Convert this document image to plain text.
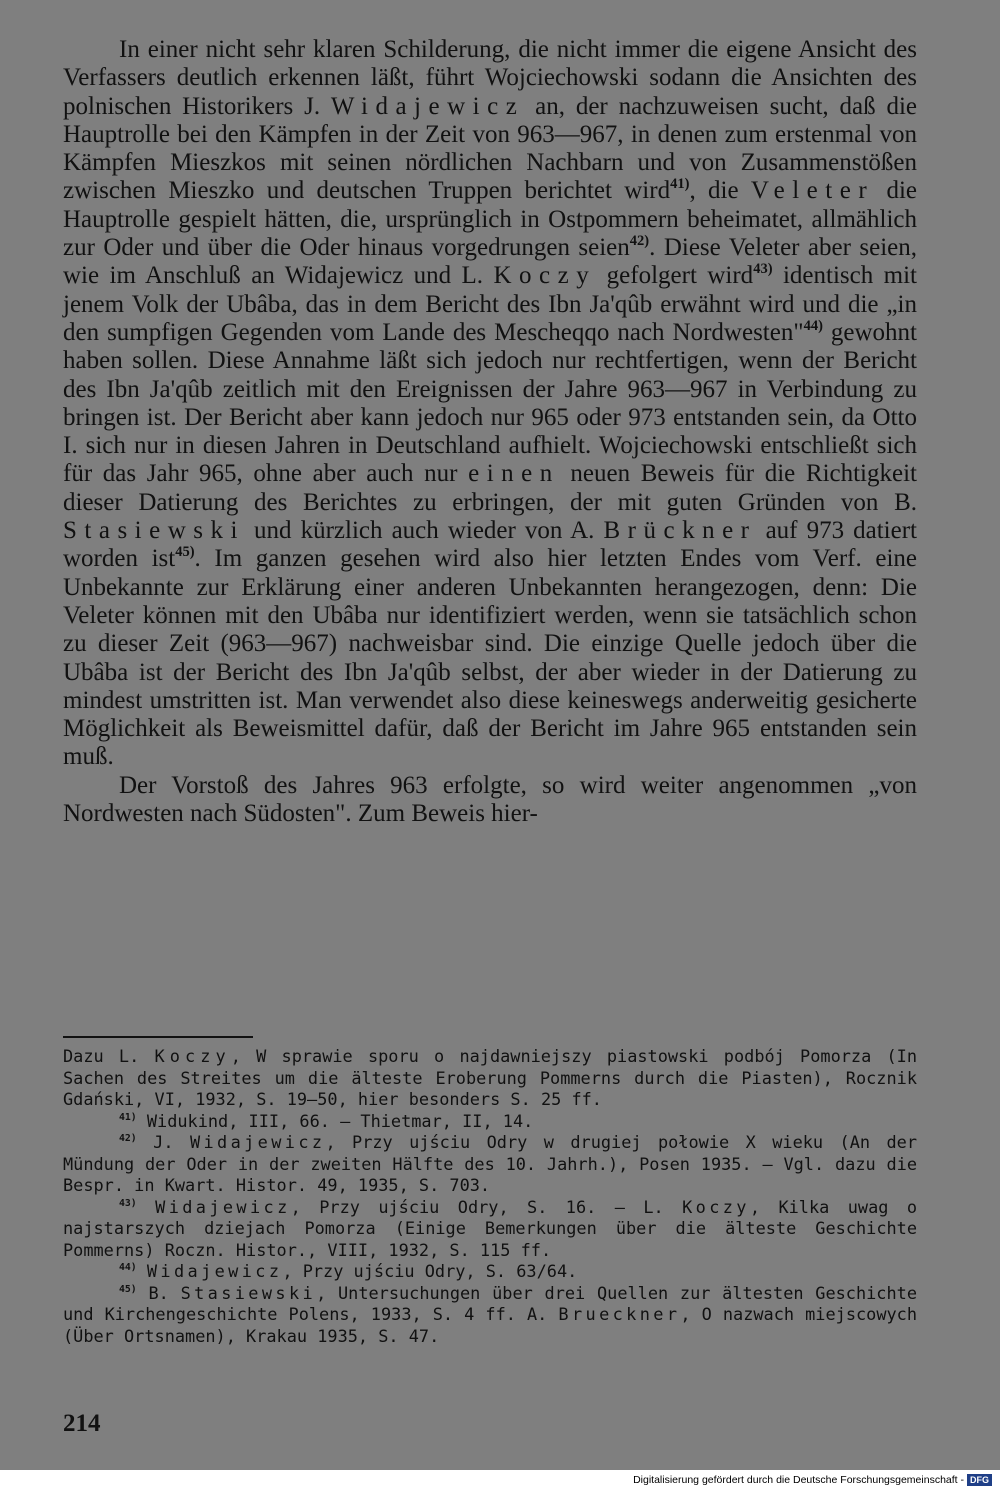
In einer nicht sehr klaren Schilderung, die nicht immer die eigene Ansicht des Verfassers deutlich erkennen läßt, führt Wojciechowski sodann die Ansichten des polnischen Historikers J. Widajewicz an, der nachzuweisen sucht, daß die Hauptrolle bei den Kämpfen in der Zeit von 963—967, in denen zum erstenmal von Kämpfen Mieszkos mit seinen nördlichen Nachbarn und von Zusammenstößen zwischen Mieszko und deutschen Truppen berichtet wird$^{41)}$, die Veleter die Hauptrolle gespielt hätten, die, ursprünglich in Ostpommern beheimatet, allmählich zur Oder und über die Oder hinaus vorgedrungen seien$^{42)}$. Diese Veleter aber seien, wie im Anschluß an Widajewicz und L. Koczy gefolgert wird$^{43)}$ identisch mit jenem Volk der Ubâba, das in dem Bericht des Ibn Ja'qûb erwähnt wird und die „in den sumpfigen Gegenden vom Lande des Mescheqqo nach Nordwesten"$^{44)}$ gewohnt haben sollen. Diese Annahme läßt sich jedoch nur rechtfertigen, wenn der Bericht des Ibn Ja'qûb zeitlich mit den Ereignissen der Jahre 963—967 in Verbindung zu bringen ist. Der Bericht aber kann jedoch nur 965 oder 973 entstanden sein, da Otto I. sich nur in diesen Jahren in Deutschland aufhielt. Wojciechowski entschließt sich für das Jahr 965, ohne aber auch nur einen neuen Beweis für die Richtigkeit dieser Datierung des Berichtes zu erbringen, der mit guten Gründen von B. Stasiewski und kürzlich auch wieder von A. Brückner auf 973 datiert worden ist$^{45)}$. Im ganzen gesehen wird also hier letzten Endes vom Verf. eine Unbekannte zur Erklärung einer anderen Unbekannten herangezogen, denn: Die Veleter können mit den Ubâba nur identifiziert werden, wenn sie tatsächlich schon zu dieser Zeit (963—967) nachweisbar sind. Die einzige Quelle jedoch über die Ubâba ist der Bericht des Ibn Ja'qûb selbst, der aber wieder in der Datierung zu mindest umstritten ist. Man verwendet also diese keineswegs anderweitig gesicherte Möglichkeit als Beweismittel dafür, daß der Bericht im Jahre 965 entstanden sein muß.

Der Vorstoß des Jahres 963 erfolgte, so wird weiter angenommen „von Nordwesten nach Südosten". Zum Beweis hier-

Dazu L. Koczy, W sprawie sporu o najdawniejszy piastowski podbój Pomorza (In Sachen des Streites um die älteste Eroberung Pommerns durch die Piasten), Rocznik Gdański, VI, 1932, S. 19—50, hier besonders S. 25 ff.

$^{41)}$ Widukind, III, 66. — Thietmar, II, 14.

$^{42)}$ J. Widajewicz, Przy ujściu Odry w drugiej połowie X wieku (An der Mündung der Oder in der zweiten Hälfte des 10. Jahrh.), Posen 1935. — Vgl. dazu die Bespr. in Kwart. Histor. 49, 1935, S. 703.

$^{43)}$ Widajewicz, Przy ujściu Odry, S. 16. — L. Koczy, Kilka uwag o najstarszych dziejach Pomorza (Einige Bemerkungen über die älteste Geschichte Pommerns) Roczn. Histor., VIII, 1932, S. 115 ff.

$^{44)}$ Widajewicz, Przy ujściu Odry, S. 63/64.

$^{45)}$ B. Stasiewski, Untersuchungen über drei Quellen zur ältesten Geschichte und Kirchengeschichte Polens, 1933, S. 4 ff. A. Brueckner, O nazwach miejscowych (Über Ortsnamen), Krakau 1935, S. 47.

214
Digitalisierung gefördert durch die Deutsche Forschungsgemeinschaft - DFG
